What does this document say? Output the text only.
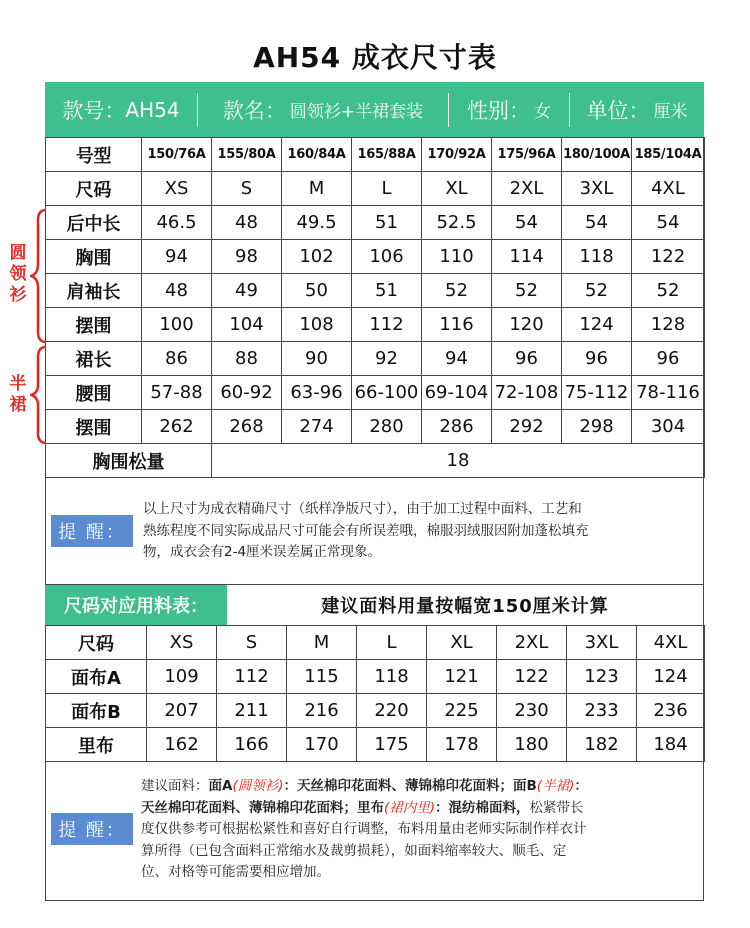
AH54 成衣尺寸表
款号： AH54 款名： 圆领衫+半裙套装 性别： 女 单位： 厘米
号型	150/76A	155/80A	160/84A	165/88A	170/92A	175/96A	180/100A	185/104A
尺码	XS	S	M	L	XL	2XL	3XL	4XL
后中长	46.5	48	49.5	51	52.5	54	54	54
胸围	94	98	102	106	110	114	118	122
肩袖长	48	49	50	51	52	52	52	52
摆围	100	104	108	112	116	120	124	128
裙长	86	88	90	92	94	96	96	96
腰围	57-88	60-92	63-96	66-100	69-104	72-108	75-112	78-116
摆围	262	268	274	280	286	292	298	304
胸围松量		18						
圆
领
衫
半
裙
提 醒：
以上尺寸为成衣精确尺寸（纸样净版尺寸），由于加工过程中面料、工艺和
熟练程度不同实际成品尺寸可能会有所误差哦，棉服羽绒服因附加蓬松填充
物，成衣会有2-4厘米误差属正常现象。
尺码对应用料表：	建议面料用量按幅宽150厘米计算
尺码	XS	S	M	L	XL	2XL	3XL	4XL
面布A	109	112	115	118	121	122	123	124
面布B	207	211	216	220	225	230	233	236
里布	162	166	170	175	178	180	182	184
提 醒：
建议面料：面A(圆领衫)：天丝棉印花面料、薄锦棉印花面料；面B(半裙)：
天丝棉印花面料、薄锦棉印花面料；里布(裙内里)：混纺棉面料，松紧带长
度仅供参考可根据松紧性和喜好自行调整，布料用量由老师实际制作样衣计
算所得（已包含面料正常缩水及裁剪损耗），如面料缩率较大、顺毛、定
位、对格等可能需要相应增加。
